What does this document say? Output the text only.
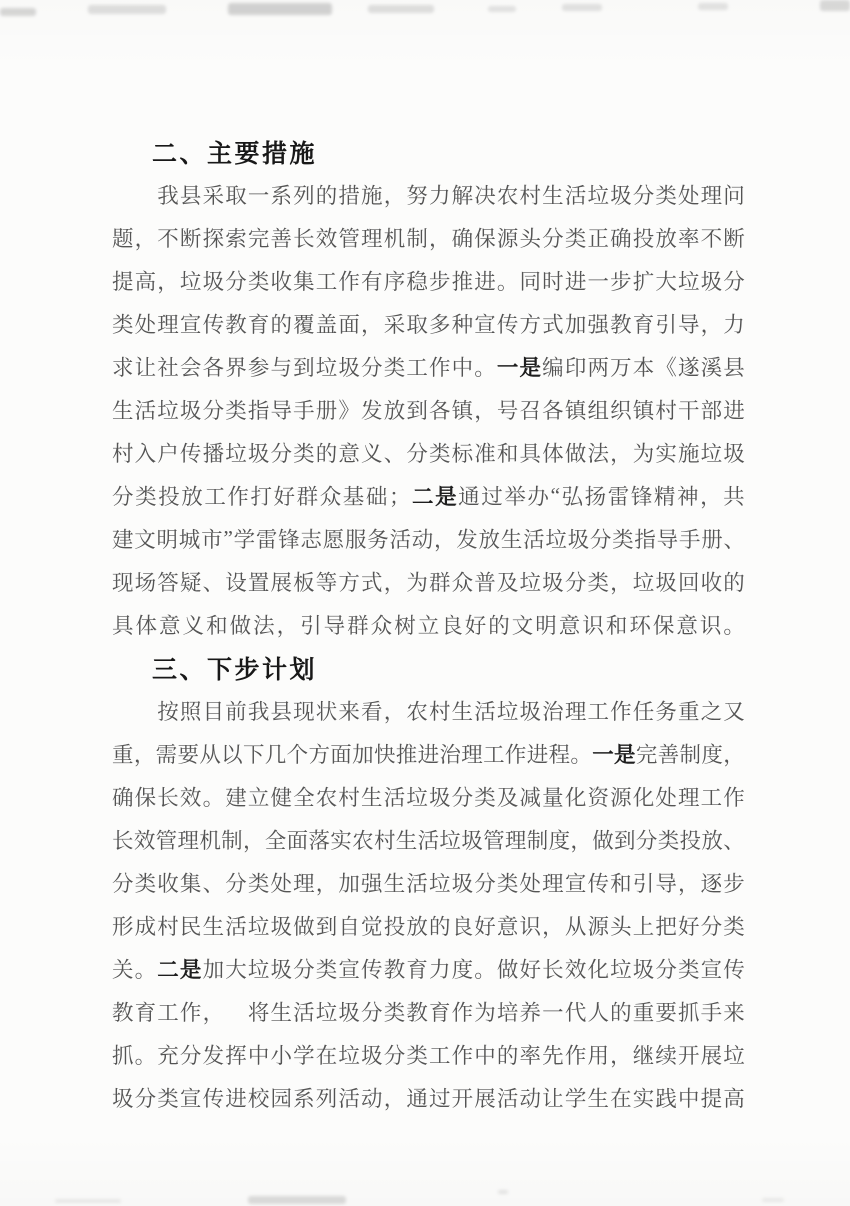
二、主要措施

我 县 采 取 一 系 列 的 措 施 ， 努 力 解 决 农 村 生 活 垃 圾 分 类 处 理 问
题 ， 不 断 探 索 完 善 长 效 管 理 机 制 ， 确 保 源 头 分 类 正 确 投 放 率 不 断
提 高 ， 垃 圾 分 类 收 集 工 作 有 序 稳 步 推 进 。 同 时 进 一 步 扩 大 垃 圾 分
类 处 理 宣 传 教 育 的 覆 盖 面 ， 采 取 多 种 宣 传 方 式 加 强 教 育 引 导 ， 力
求 让 社 会 各 界 参 与 到 垃 圾 分 类 工 作 中 。 一 是 编 印 两 万 本 《 遂 溪 县
生 活 垃 圾 分 类 指 导 手 册 》 发 放 到 各 镇 ， 号 召 各 镇 组 织 镇 村 干 部 进
村 入 户 传 播 垃 圾 分 类 的 意 义 、 分 类 标 准 和 具 体 做 法 ， 为 实 施 垃 圾
分 类 投 放 工 作 打 好 群 众 基 础 ； 二 是 通 过 举 办 “ 弘 扬 雷 锋 精 神 ， 共
建 文 明 城 市 ” 学 雷 锋 志 愿 服 务 活 动 ， 发 放 生 活 垃 圾 分 类 指 导 手 册 、
现 场 答 疑 、 设 置 展 板 等 方 式 ， 为 群 众 普 及 垃 圾 分 类 ， 垃 圾 回 收 的
具 体 意 义 和 做 法 ， 引 导 群 众 树 立 良 好 的 文 明 意 识 和 环 保 意 识 。
三、下步计划

按 照 目 前 我 县 现 状 来 看 ， 农 村 生 活 垃 圾 治 理 工 作 任 务 重 之 又
重 ， 需 要 从 以 下 几 个 方 面 加 快 推 进 治 理 工 作 进 程 。 一 是 完 善 制 度 ，
确 保 长 效 。 建 立 健 全 农 村 生 活 垃 圾 分 类 及 减 量 化 资 源 化 处 理 工 作
长 效 管 理 机 制 ， 全 面 落 实 农 村 生 活 垃 圾 管 理 制 度 ， 做 到 分 类 投 放 、
分 类 收 集 、 分 类 处 理 ， 加 强 生 活 垃 圾 分 类 处 理 宣 传 和 引 导 ， 逐 步
形 成 村 民 生 活 垃 圾 做 到 自 觉 投 放 的 良 好 意 识 ， 从 源 头 上 把 好 分 类
关 。 二 是 加 大 垃 圾 分 类 宣 传 教 育 力 度 。 做 好 长 效 化 垃 圾 分 类 宣 传
教 育 工 作 ，
　 将 生 活 垃 圾 分 类 教 育 作 为 培 养 一 代 人 的 重 要 抓 手 来
抓 。 充 分 发 挥 中 小 学 在 垃 圾 分 类 工 作 中 的 率 先 作 用 ， 继 续 开 展 垃
圾 分 类 宣 传 进 校 园 系 列 活 动 ， 通 过 开 展 活 动 让 学 生 在 实 践 中 提 高
